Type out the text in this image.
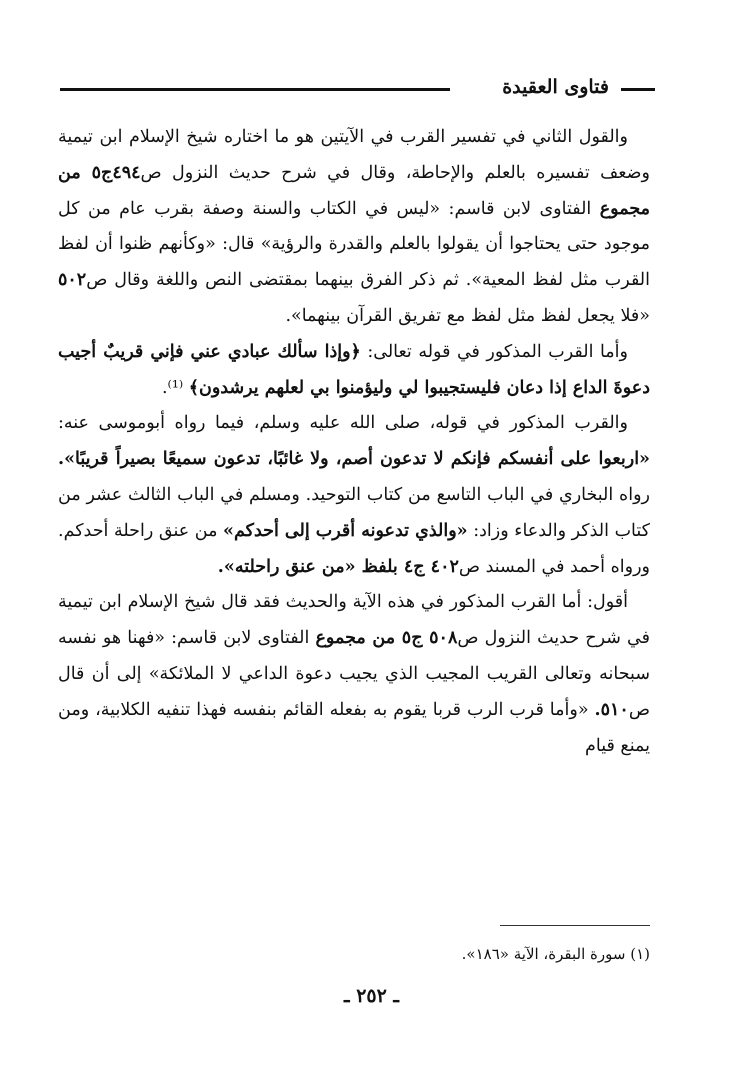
فتاوى العقيدة

والقول الثاني في تفسير القرب في الآيتين هو ما اختاره شيخ الإسلام ابن تيمية وضعف تفسيره بالعلم والإحاطة، وقال في شرح حديث النزول ص٤٩٤ج٥ من مجموع الفتاوى لابن قاسم: «ليس في الكتاب والسنة وصفة بقرب عام من كل موجود حتى يحتاجوا أن يقولوا بالعلم والقدرة والرؤية» قال: «وكأنهم ظنوا أن لفظ القرب مثل لفظ المعية». ثم ذكر الفرق بينهما بمقتضى النص واللغة وقال ص٥٠٢ «فلا يجعل لفظ مثل لفظ مع تفريق القرآن بينهما».

وأما القرب المذكور في قوله تعالى: ﴿وإذا سألك عبادي عني فإني قريبٌ أجيب دعوةَ الداع إذا دعان فليستجيبوا لي وليؤمنوا بي لعلهم يرشدون﴾ ⁽¹⁾.

والقرب المذكور في قوله، صلى الله عليه وسلم، فيما رواه أبوموسى عنه: «اربعوا على أنفسكم فإنكم لا تدعون أصم، ولا غائبًا، تدعون سميعًا بصيراً قريبًا». رواه البخاري في الباب التاسع من كتاب التوحيد. ومسلم في الباب الثالث عشر من كتاب الذكر والدعاء وزاد: «والذي تدعونه أقرب إلى أحدكم» من عنق راحلة أحدكم. ورواه أحمد في المسند ص٤٠٢ ج٤ بلفظ «من عنق راحلته».

أقول: أما القرب المذكور في هذه الآية والحديث فقد قال شيخ الإسلام ابن تيمية في شرح حديث النزول ص٥٠٨ ج٥ من مجموع الفتاوى لابن قاسم: «فهنا هو نفسه سبحانه وتعالى القريب المجيب الذي يجيب دعوة الداعي لا الملائكة» إلى أن قال ص٥١٠. «وأما قرب الرب قربا يقوم به بفعله القائم بنفسه فهذا تنفيه الكلابية، ومن يمنع قيام

(١) سورة البقرة، الآية «١٨٦».
ـ ٢٥٢ ـ
